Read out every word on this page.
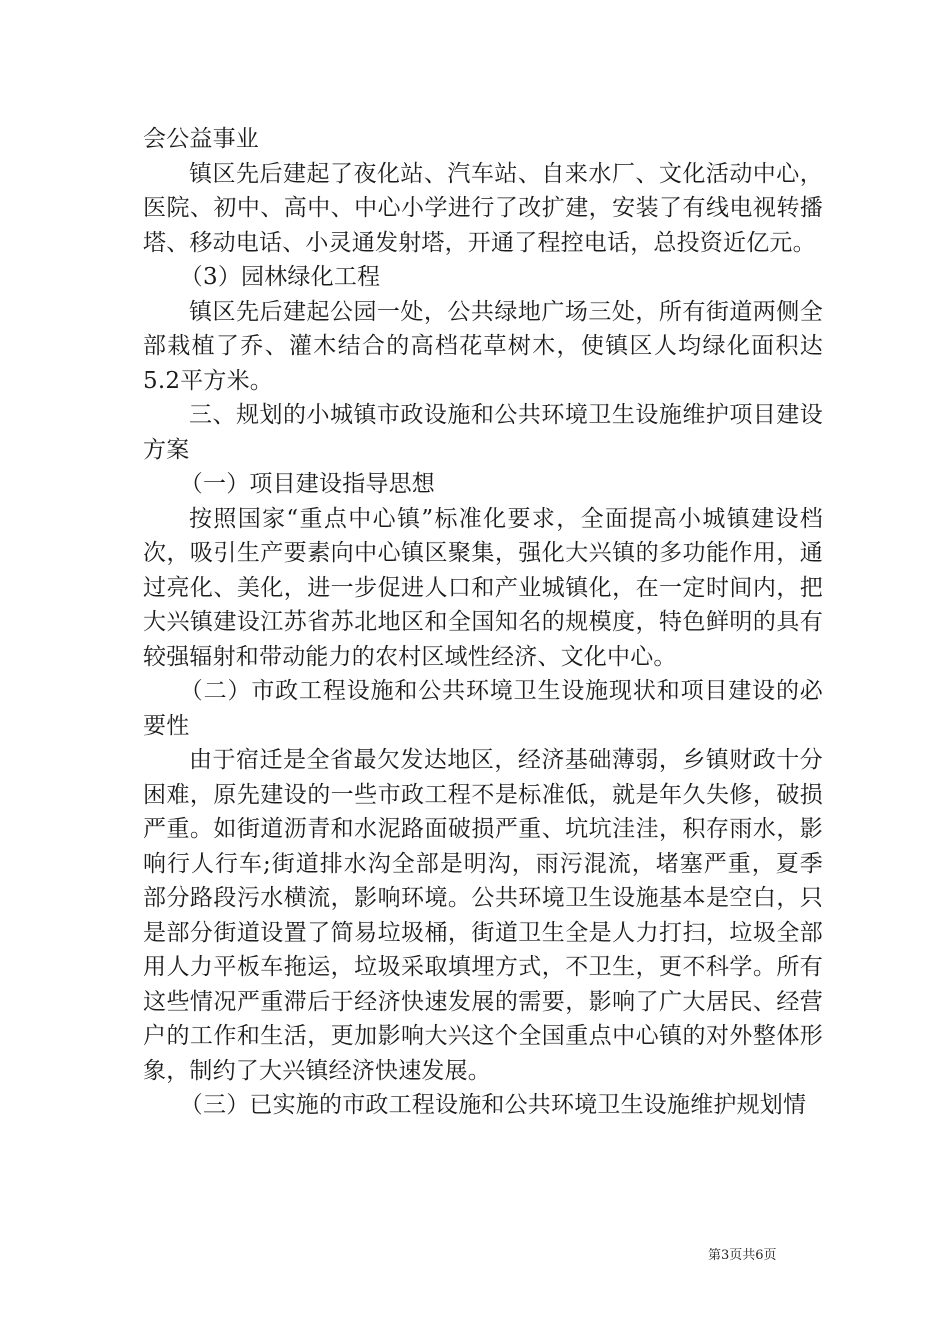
会公益事业

镇区先后建起了夜化站、汽车站、自来水厂、文化活动中心，医院、初中、高中、中心小学进行了改扩建，安装了有线电视转播塔、移动电话、小灵通发射塔，开通了程控电话，总投资近亿元。

（3）园林绿化工程

镇区先后建起公园一处，公共绿地广场三处，所有街道两侧全部栽植了乔、灌木结合的高档花草树木，使镇区人均绿化面积达5.2平方米。

三、规划的小城镇市政设施和公共环境卫生设施维护项目建设方案

（一）项目建设指导思想

按照国家“重点中心镇”标准化要求，全面提高小城镇建设档次，吸引生产要素向中心镇区聚集，强化大兴镇的多功能作用，通过亮化、美化，进一步促进人口和产业城镇化，在一定时间内，把大兴镇建设江苏省苏北地区和全国知名的规模度，特色鲜明的具有较强辐射和带动能力的农村区域性经济、文化中心。

（二）市政工程设施和公共环境卫生设施现状和项目建设的必要性

由于宿迁是全省最欠发达地区，经济基础薄弱，乡镇财政十分困难，原先建设的一些市政工程不是标准低，就是年久失修，破损严重。如街道沥青和水泥路面破损严重、坑坑洼洼，积存雨水，影响行人行车;街道排水沟全部是明沟，雨污混流，堵塞严重，夏季部分路段污水横流，影响环境。公共环境卫生设施基本是空白，只是部分街道设置了简易垃圾桶，街道卫生全是人力打扫，垃圾全部用人力平板车拖运，垃圾采取填埋方式，不卫生，更不科学。所有这些情况严重滞后于经济快速发展的需要，影响了广大居民、经营户的工作和生活，更加影响大兴这个全国重点中心镇的对外整体形象，制约了大兴镇经济快速发展。

（三）已实施的市政工程设施和公共环境卫生设施维护规划情

第3页共6页
